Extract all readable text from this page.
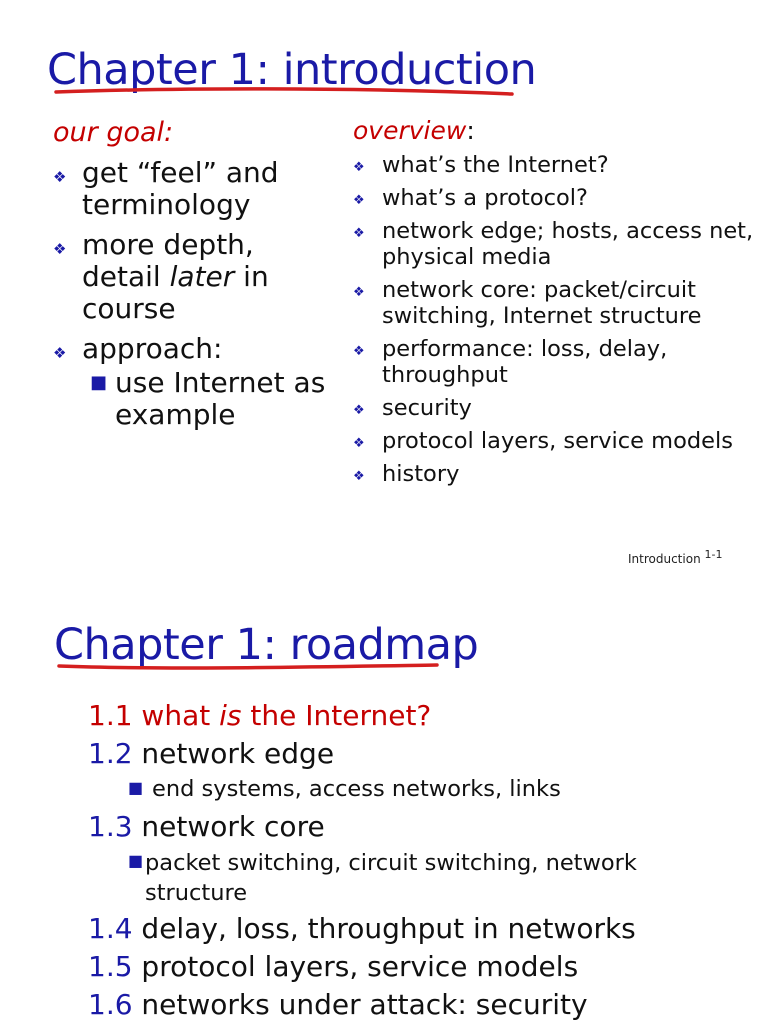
Chapter 1: introduction
our goal:
❖ get “feel” and terminology
❖ more depth, detail later in course
❖ approach:
■ use Internet as example
overview:
❖ what’s the Internet?
❖ what’s a protocol?
❖ network edge; hosts, access net, physical media
❖ network core: packet/circuit switching, Internet structure
❖ performance: loss, delay, throughput
❖ security
❖ protocol layers, service models
❖ history
Introduction $^{1-1}$
Chapter 1: roadmap
1.1 what is the Internet?
1.2 network edge
■ end systems, access networks, links
1.3 network core
■ packet switching, circuit switching, network structure
1.4 delay, loss, throughput in networks
1.5 protocol layers, service models
1.6 networks under attack: security
